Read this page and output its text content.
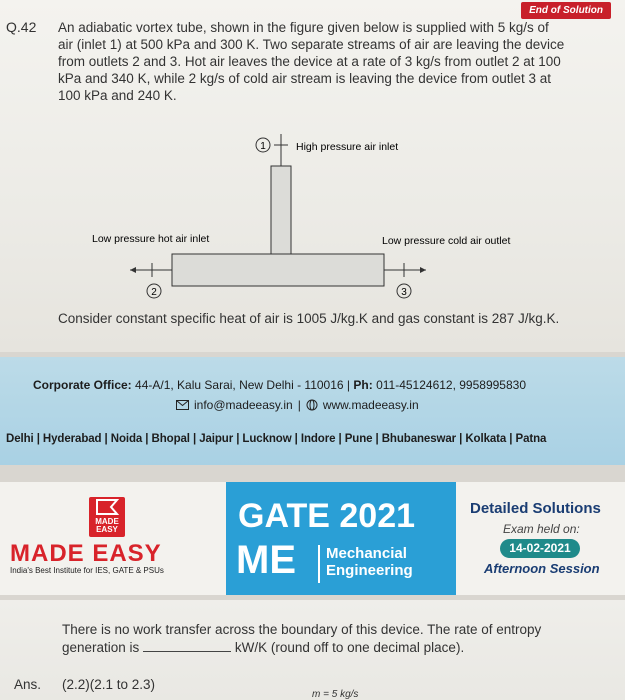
End of Solution
Q.42 An adiabatic vortex tube, shown in the figure given below is supplied with 5 kg/s of
air (inlet 1) at 500 kPa and 300 K. Two separate streams of air are leaving the device
from outlets 2 and 3. Hot air leaves the device at a rate of 3 kg/s from outlet 2 at 100
kPa and 340 K, while 2 kg/s of cold air stream is leaving the device from outlet 3 at
100 kPa and 240 K.
1	High pressure air inlet
2
Low pressure hot air inlet
3
Low pressure cold air outlet
Consider constant specific heat of air is 1005 J/kg.K and gas constant is 287 J/kg.K.
Corporate Office: 44-A/1, Kalu Sarai, New Delhi - 110016 | Ph: 011-45124612, 9958995830
info@madeeasy.in | www.madeeasy.in
Delhi | Hyderabad | Noida | Bhopal | Jaipur | Lucknow | Indore | Pune | Bhubaneswar | Kolkata | Patna
MADE EASY
MADE EASY
India's Best Institute for IES, GATE & PSUs
GATE 2021
ME Mechancial
Engineering
Detailed Solutions
Exam held on:
14-02-2021
Afternoon Session
There is no work transfer across the boundary of this device. The rate of entropy
generation is	kW/K (round off to one decimal place).
Ans. (2.2)(2.1 to 2.3)
m = 5 kg/s
